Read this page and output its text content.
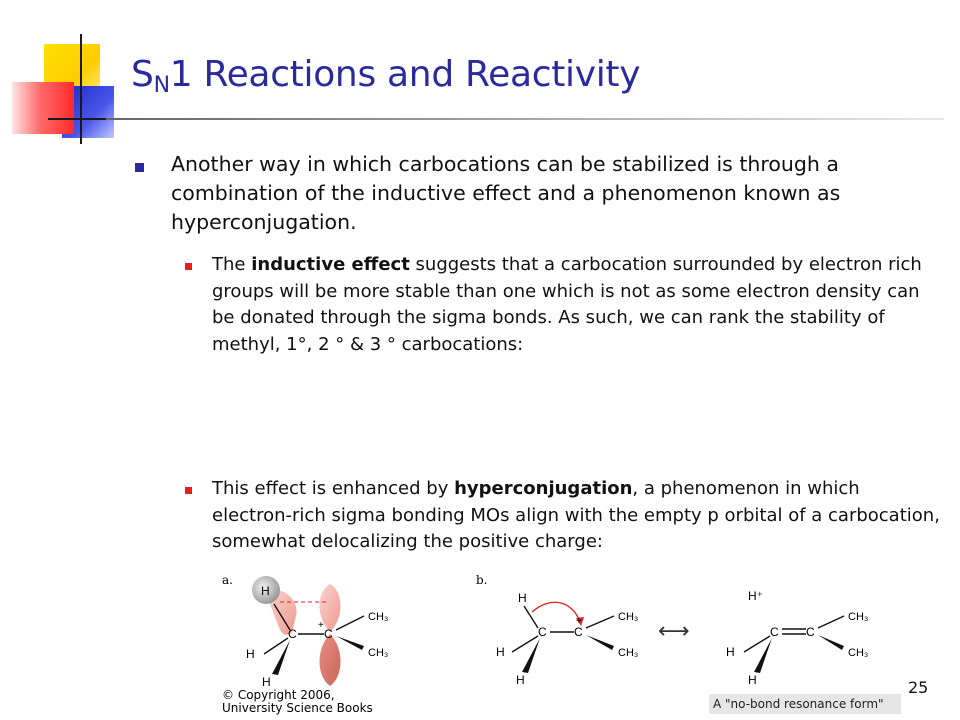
$S_N1$ Reactions and Reactivity
Another way in which carbocations can be stabilized is through a combination of the inductive effect and a phenomenon known as hyperconjugation.
The inductive effect suggests that a carbocation surrounded by electron rich groups will be more stable than one which is not as some electron density can be donated through the sigma bonds. As such, we can rank the stability of methyl, 1°, 2 ° & 3 ° carbocations:
This effect is enhanced by hyperconjugation, a phenomenon in which electron-rich sigma bonding MOs align with the empty p orbital of a carbocation, somewhat delocalizing the positive charge:
a.
H
C C
+
CH₃
CH₃
H
H
b.
H
C C
+	CH₃
CH₃
H
H
⟷
H⁺
C C
CH₃
CH₃
H
H
© Copyright 2006,
University Science Books	A "no-bond resonance form"
25
